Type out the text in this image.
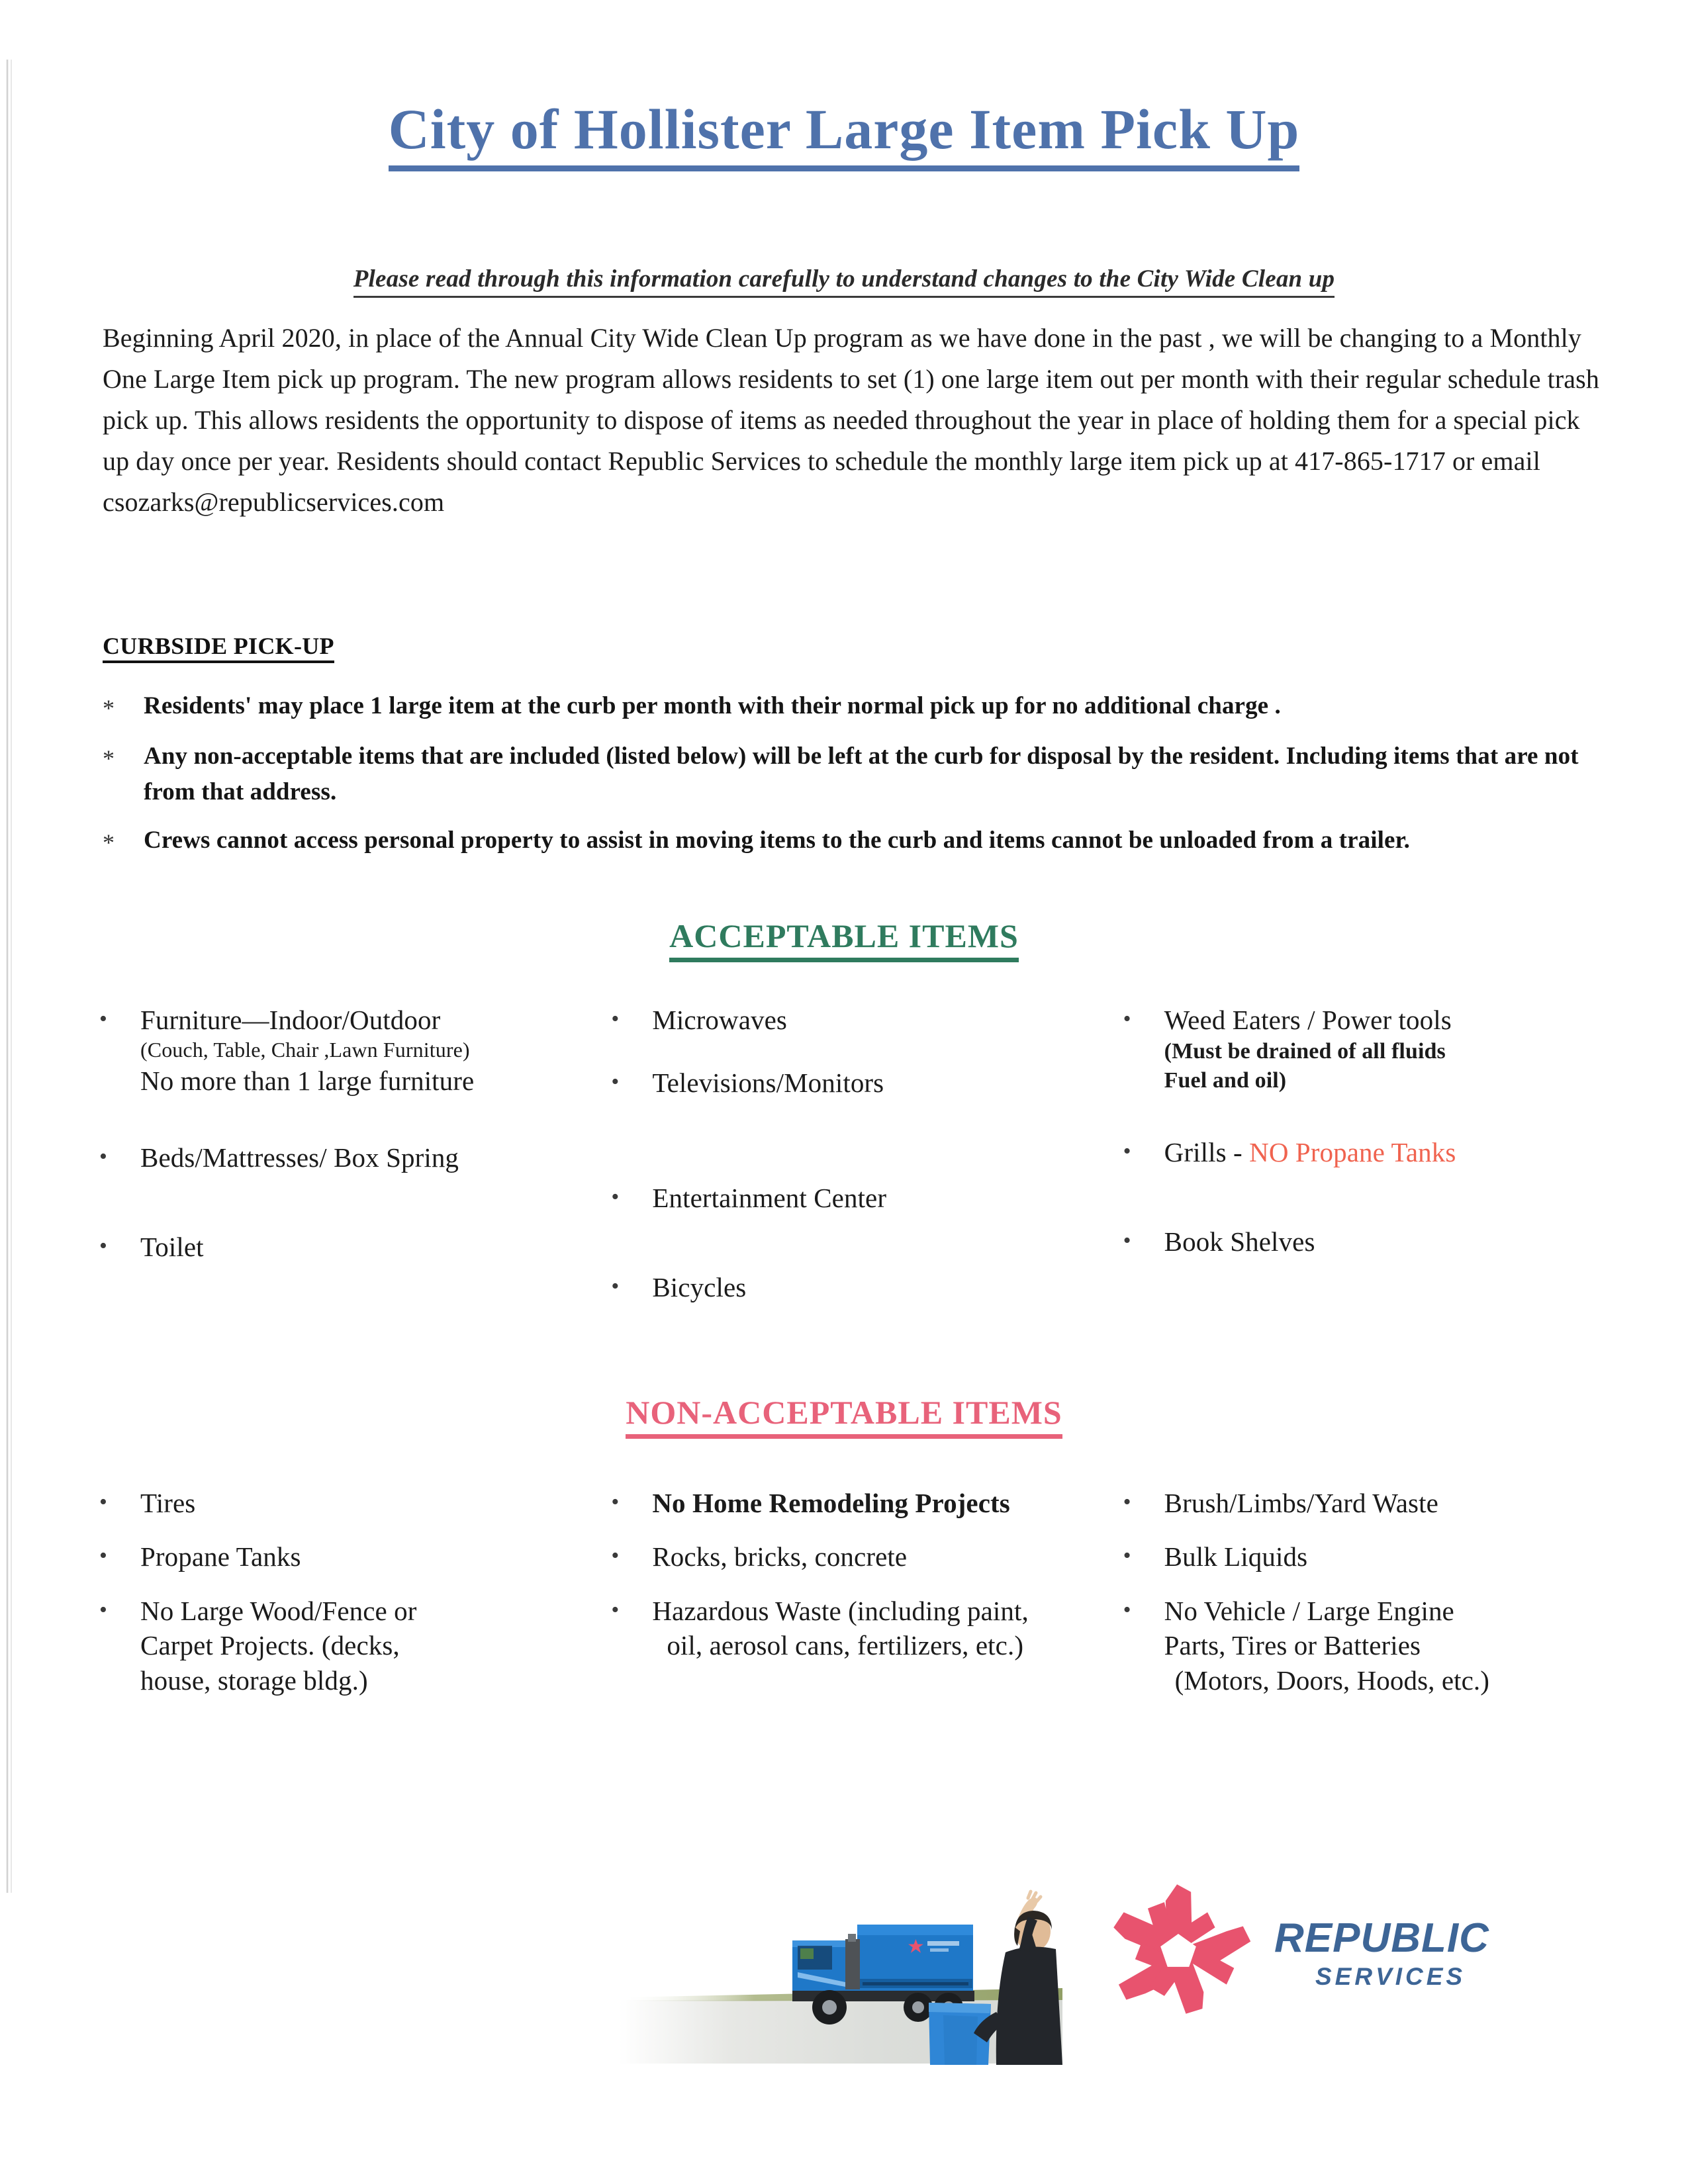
City of Hollister Large Item Pick Up
Please read through this information carefully to understand changes to the City Wide Clean up
Beginning April 2020, in place of the Annual City Wide Clean Up program as we have done in the past , we will be changing to a Monthly One Large Item pick up program. The new program allows residents to set (1) one large item out per month with their regular schedule trash pick up. This allows residents the opportunity to dispose of items as needed throughout the year in place of holding them for a special pick up day once per year. Residents should contact Republic Services to schedule the monthly large item pick up at 417-865-1717 or email csozarks@republicservices.com
CURBSIDE PICK-UP
*	Residents' may place 1 large item at the curb per month with their normal pick up for no additional charge .
*	Any non-acceptable items that are included (listed below) will be left at the curb for disposal by the resident. Including items that are not from that address.
*	Crews cannot access personal property to assist in moving items to the curb and items cannot be unloaded from a trailer.
ACCEPTABLE ITEMS
•	Furniture—Indoor/Outdoor
(Couch, Table, Chair ,Lawn Furniture)
No more than 1 large furniture
•	Beds/Mattresses/ Box Spring
•	Toilet
•	Microwaves
•	Televisions/Monitors
•	Entertainment Center
•	Bicycles
•	Weed Eaters / Power tools
(Must be drained of all fluids
Fuel and oil)
•	Grills - NO Propane Tanks
•	Book Shelves
NON-ACCEPTABLE ITEMS
•	Tires
•	Propane Tanks
•	No Large Wood/Fence or
Carpet Projects. (decks,
house, storage bldg.)
•	No Home Remodeling Projects
•	Rocks, bricks, concrete
•	Hazardous Waste (including paint,
oil, aerosol cans, fertilizers, etc.)
•	Brush/Limbs/Yard Waste
•	Bulk Liquids
•	No Vehicle / Large Engine
Parts, Tires or Batteries
(Motors, Doors, Hoods, etc.)
REPUBLIC
SERVICES
